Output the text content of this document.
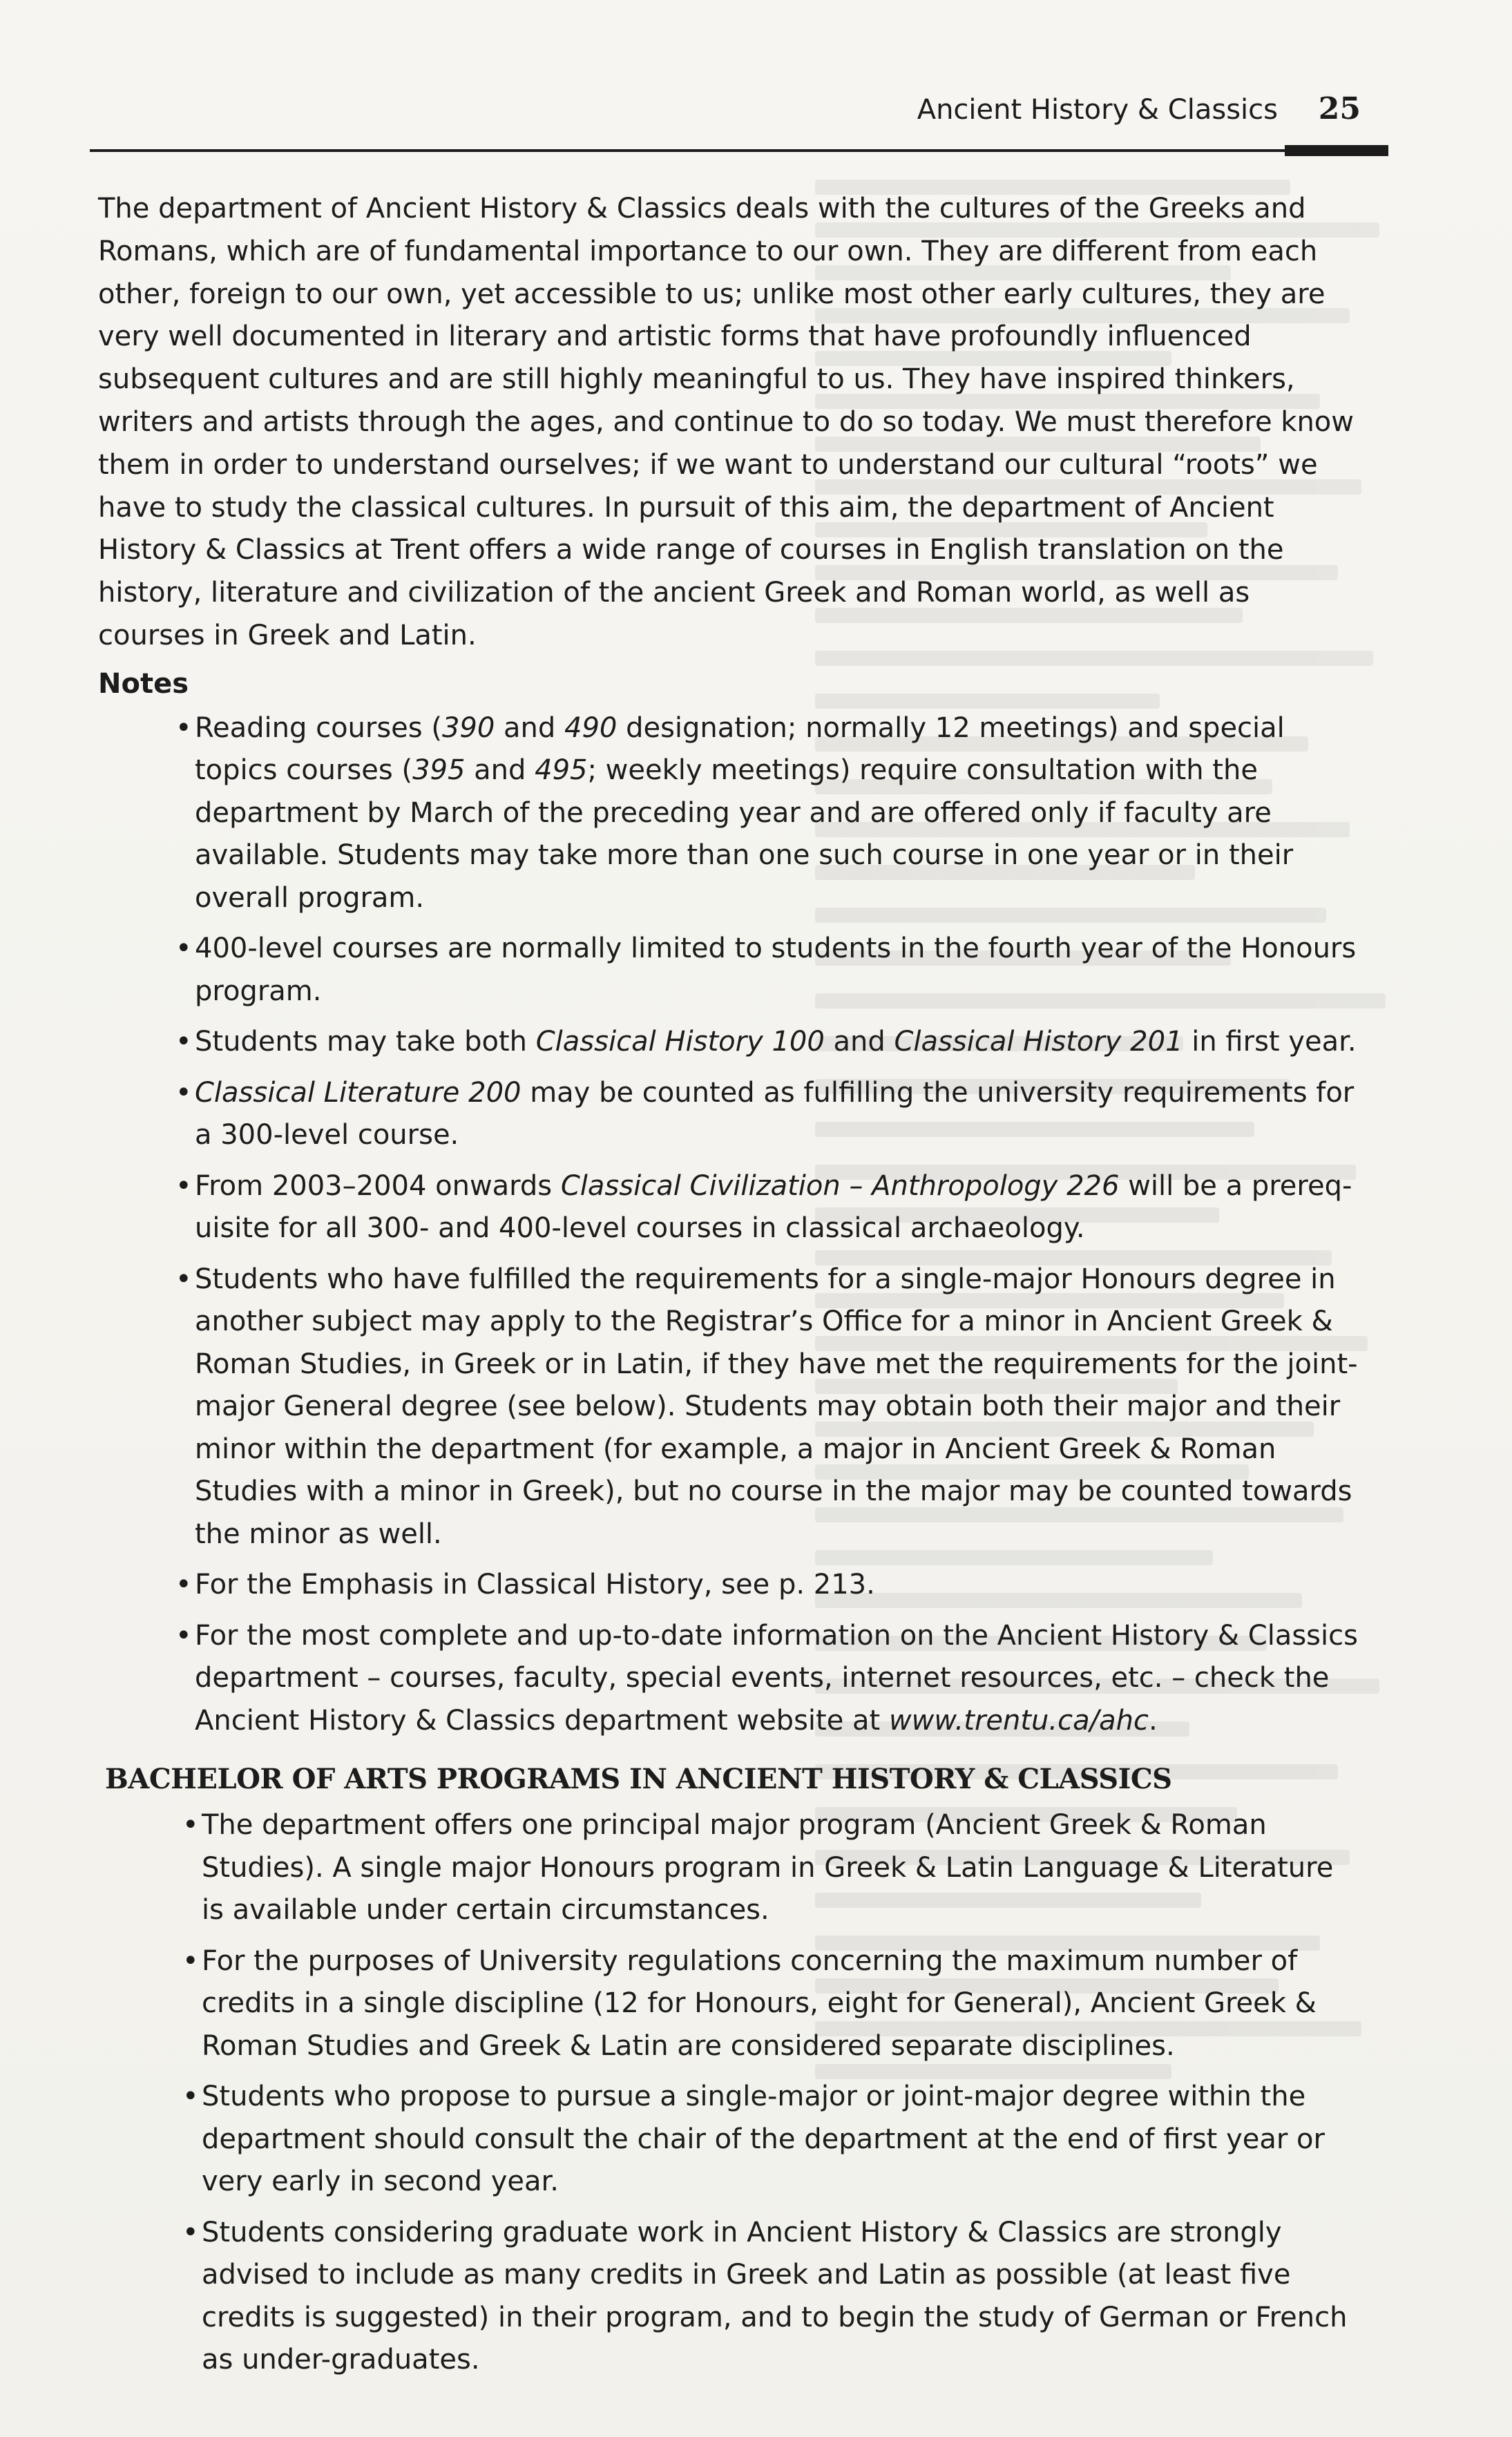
Ancient History & Classics 25

The department of Ancient History & Classics deals with the cultures of the Greeks and Romans, which are of fundamental importance to our own. They are different from each other, foreign to our own, yet accessible to us; unlike most other early cultures, they are very well documented in literary and artistic forms that have profoundly influenced subsequent cultures and are still highly meaningful to us. They have inspired thinkers, writers and artists through the ages, and continue to do so today. We must therefore know them in order to understand ourselves; if we want to understand our cultural “roots” we have to study the classical cultures. In pursuit of this aim, the department of Ancient History & Classics at Trent offers a wide range of courses in English translation on the history, literature and civilization of the ancient Greek and Roman world, as well as courses in Greek and Latin.

Notes
• Reading courses (390 and 490 designation; normally 12 meetings) and special topics courses (395 and 495; weekly meetings) require consultation with the department by March of the preceding year and are offered only if faculty are available. Students may take more than one such course in one year or in their overall program.
• 400-level courses are normally limited to students in the fourth year of the Honours program.
• Students may take both Classical History 100 and Classical History 201 in first year.
• Classical Literature 200 may be counted as fulfilling the university requirements for a 300-level course.
• From 2003–2004 onwards Classical Civilization – Anthropology 226 will be a prereq-uisite for all 300- and 400-level courses in classical archaeology.
• Students who have fulfilled the requirements for a single-major Honours degree in another subject may apply to the Registrar’s Office for a minor in Ancient Greek & Roman Studies, in Greek or in Latin, if they have met the requirements for the joint-major General degree (see below). Students may obtain both their major and their minor within the department (for example, a major in Ancient Greek & Roman Studies with a minor in Greek), but no course in the major may be counted towards the minor as well.
• For the Emphasis in Classical History, see p. 213.
• For the most complete and up-to-date information on the Ancient History & Classics department – courses, faculty, special events, internet resources, etc. – check the Ancient History & Classics department website at www.trentu.ca/ahc.
BACHELOR OF ARTS PROGRAMS IN ANCIENT HISTORY & CLASSICS
• The department offers one principal major program (Ancient Greek & Roman Studies). A single major Honours program in Greek & Latin Language & Literature is available under certain circumstances.
• For the purposes of University regulations concerning the maximum number of credits in a single discipline (12 for Honours, eight for General), Ancient Greek & Roman Studies and Greek & Latin are considered separate disciplines.
• Students who propose to pursue a single-major or joint-major degree within the department should consult the chair of the department at the end of first year or very early in second year.
• Students considering graduate work in Ancient History & Classics are strongly advised to include as many credits in Greek and Latin as possible (at least five credits is suggested) in their program, and to begin the study of German or French as under-graduates.
